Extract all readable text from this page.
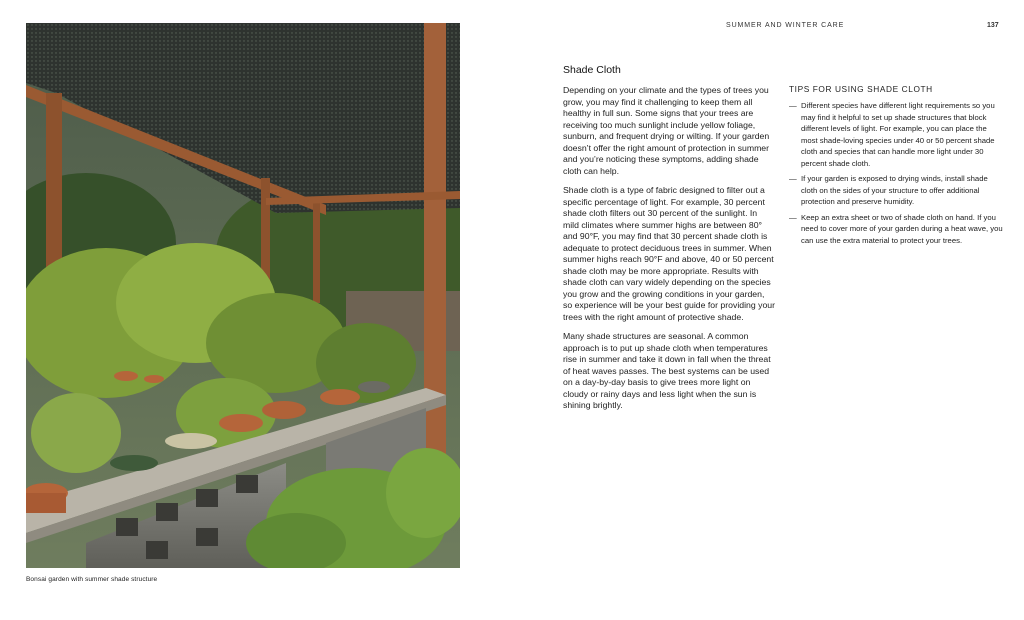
Bonsai garden with summer shade structure
SUMMER AND WINTER CARE	137
Shade Cloth

Depending on your climate and the types of trees you grow, you may find it challenging to keep them all healthy in full sun. Some signs that your trees are receiving too much sunlight include yellow foliage, sunburn, and frequent drying or wilting. If your garden doesn’t offer the right amount of protection in summer and you’re noticing these symptoms, adding shade cloth can help.

Shade cloth is a type of fabric designed to filter out a specific percentage of light. For example, 30 percent shade cloth filters out 30 percent of the sunlight. In mild climates where summer highs are between 80° and 90°F, you may find that 30 percent shade cloth is adequate to protect deciduous trees in summer. When summer highs reach 90°F and above, 40 or 50 percent shade cloth may be more appropriate. Results with shade cloth can vary widely depending on the species you grow and the growing conditions in your garden, so experience will be your best guide for providing your trees with the right amount of protective shade.

Many shade structures are seasonal. A common approach is to put up shade cloth when temperatures rise in summer and take it down in fall when the threat of heat waves passes. The best systems can be used on a day-by-day basis to give trees more light on cloudy or rainy days and less light when the sun is shining brightly.

TIPS FOR USING SHADE CLOTH
— Different species have different light requirements so you may find it helpful to set up shade structures that block different levels of light. For example, you can place the most shade-loving species under 40 or 50 percent shade cloth and species that can handle more light under 30 percent shade cloth.
— If your garden is exposed to drying winds, install shade cloth on the sides of your structure to offer additional protection and preserve humidity.
— Keep an extra sheet or two of shade cloth on hand. If you need to cover more of your garden during a heat wave, you can use the extra material to protect your trees.
